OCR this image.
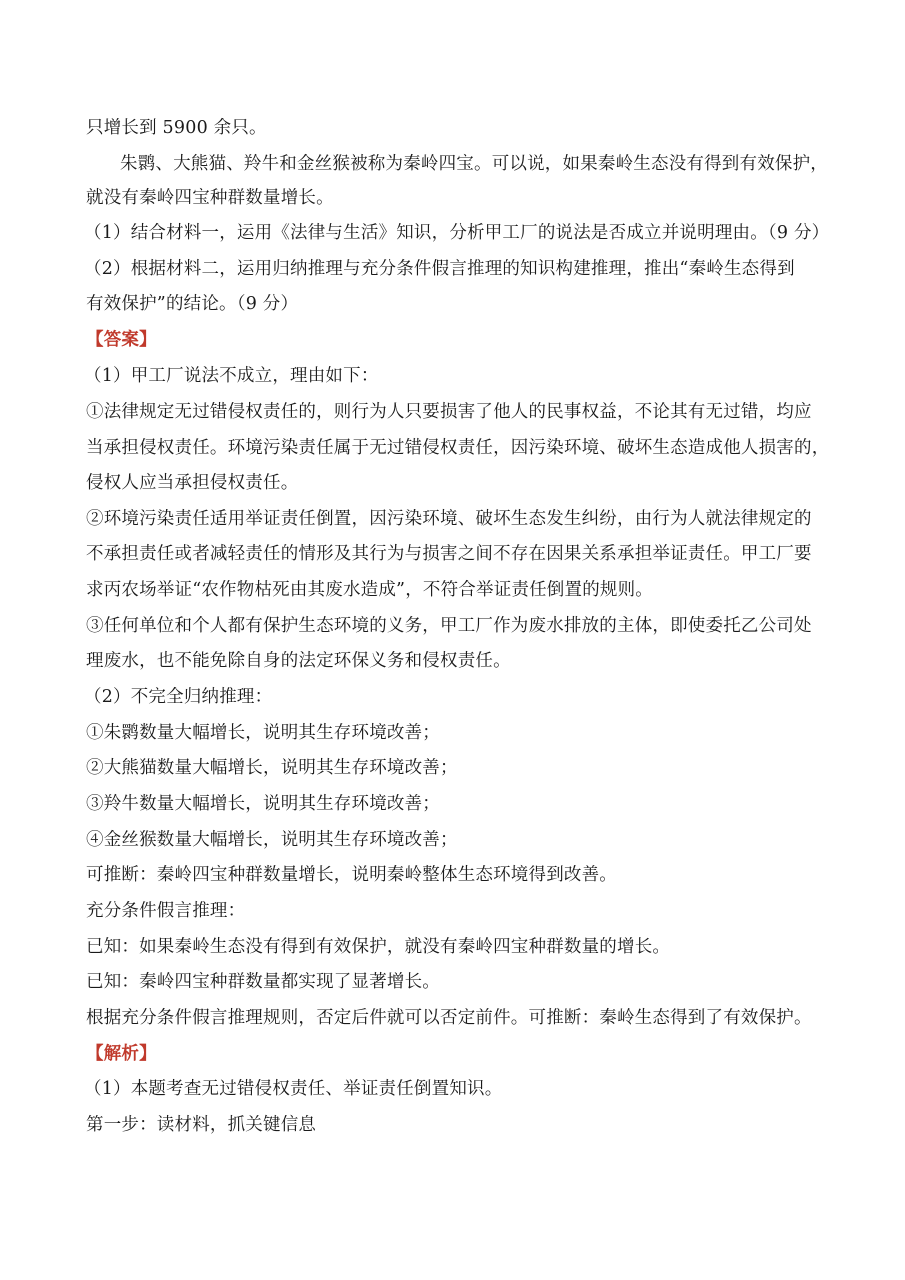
只增长到 5900 余只。
朱鹮、大熊猫、羚牛和金丝猴被称为秦岭四宝。可以说，如果秦岭生态没有得到有效保护，
就没有秦岭四宝种群数量增长。
（1）结合材料一，运用《法律与生活》知识，分析甲工厂的说法是否成立并说明理由。（9 分）
（2）根据材料二，运用归纳推理与充分条件假言推理的知识构建推理，推出“秦岭生态得到
有效保护”的结论。（9 分）
【答案】
（1）甲工厂说法不成立，理由如下：
①法律规定无过错侵权责任的，则行为人只要损害了他人的民事权益，不论其有无过错，均应
当承担侵权责任。环境污染责任属于无过错侵权责任，因污染环境、破坏生态造成他人损害的，
侵权人应当承担侵权责任。
②环境污染责任适用举证责任倒置，因污染环境、破坏生态发生纠纷，由行为人就法律规定的
不承担责任或者减轻责任的情形及其行为与损害之间不存在因果关系承担举证责任。甲工厂要
求丙农场举证“农作物枯死由其废水造成”，不符合举证责任倒置的规则。
③任何单位和个人都有保护生态环境的义务，甲工厂作为废水排放的主体，即使委托乙公司处
理废水，也不能免除自身的法定环保义务和侵权责任。
（2）不完全归纳推理：
①朱鹮数量大幅增长，说明其生存环境改善；
②大熊猫数量大幅增长，说明其生存环境改善；
③羚牛数量大幅增长，说明其生存环境改善；
④金丝猴数量大幅增长，说明其生存环境改善；
可推断：秦岭四宝种群数量增长，说明秦岭整体生态环境得到改善。
充分条件假言推理：
已知：如果秦岭生态没有得到有效保护，就没有秦岭四宝种群数量的增长。
已知：秦岭四宝种群数量都实现了显著增长。
根据充分条件假言推理规则，否定后件就可以否定前件。可推断：秦岭生态得到了有效保护。
【解析】
（1）本题考查无过错侵权责任、举证责任倒置知识。
第一步：读材料，抓关键信息
